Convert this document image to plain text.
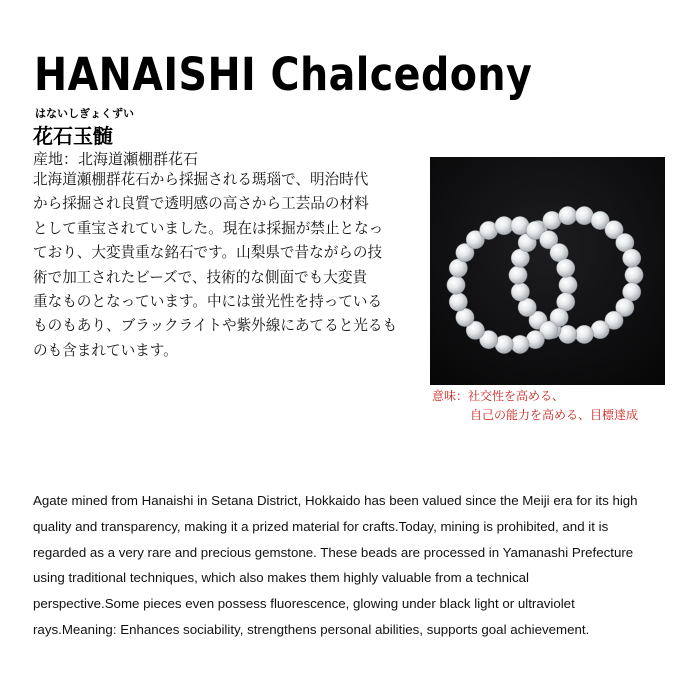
HANAISHI Chalcedony
はないしぎょくずい
花石玉髄
産地：北海道瀬棚群花石
北海道瀬棚群花石から採掘される瑪瑙で、明治時代
から採掘され良質で透明感の高さから工芸品の材料
として重宝されていました。現在は採掘が禁止となっ
ており、大変貴重な銘石です。山梨県で昔ながらの技
術で加工されたビーズで、技術的な側面でも大変貴
重なものとなっています。中には蛍光性を持っている
ものもあり、ブラックライトや紫外線にあてると光るも
のも含まれています。
意味：社交性を高める、
自己の能力を高める、目標達成
Agate mined from Hanaishi in Setana District, Hokkaido has been valued since the Meiji era for its high
quality and transparency, making it a prized material for crafts.Today, mining is prohibited, and it is
regarded as a very rare and precious gemstone. These beads are processed in Yamanashi Prefecture
using traditional techniques, which also makes them highly valuable from a technical
perspective.Some pieces even possess fluorescence, glowing under black light or ultraviolet
rays.Meaning: Enhances sociability, strengthens personal abilities, supports goal achievement.
